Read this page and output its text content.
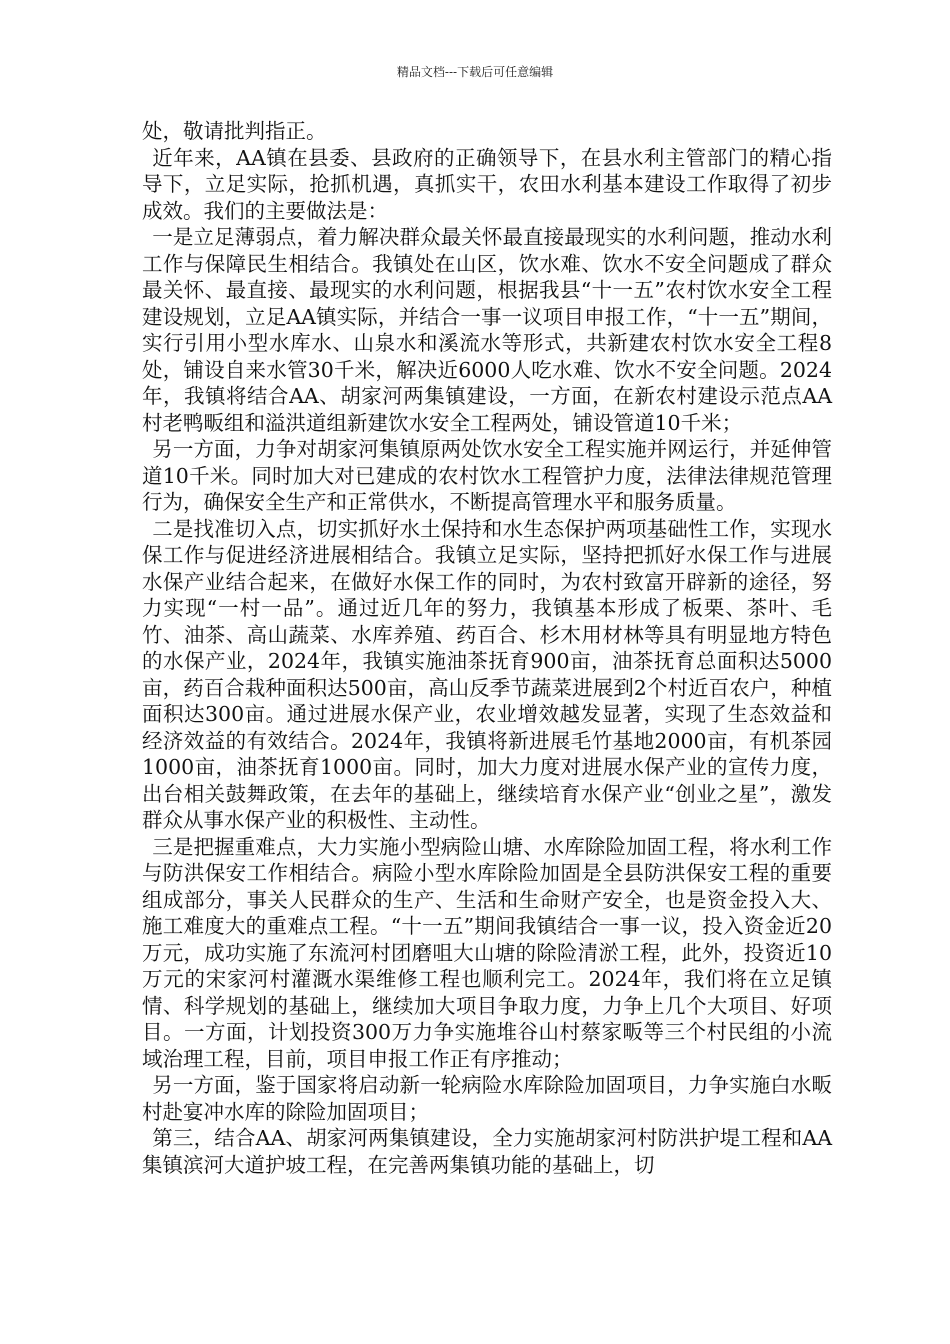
精品文档---下载后可任意编辑

处，敬请批判指正。

近年来，AA镇在县委、县政府的正确领导下，在县水利主管部门的精心指导下，立足实际，抢抓机遇，真抓实干，农田水利基本建设工作取得了初步成效。我们的主要做法是：

一是立足薄弱点，着力解决群众最关怀最直接最现实的水利问题，推动水利工作与保障民生相结合。我镇处在山区，饮水难、饮水不安全问题成了群众最关怀、最直接、最现实的水利问题，根据我县“十一五”农村饮水安全工程建设规划，立足AA镇实际，并结合一事一议项目申报工作，“十一五”期间，实行引用小型水库水、山泉水和溪流水等形式，共新建农村饮水安全工程8处，铺设自来水管30千米，解决近6000人吃水难、饮水不安全问题。2024年，我镇将结合AA、胡家河两集镇建设，一方面，在新农村建设示范点AA村老鸭畈组和溢洪道组新建饮水安全工程两处，铺设管道10千米；

另一方面，力争对胡家河集镇原两处饮水安全工程实施并网运行，并延伸管道10千米。同时加大对已建成的农村饮水工程管护力度，法律法律规范管理行为，确保安全生产和正常供水，不断提高管理水平和服务质量。

二是找准切入点，切实抓好水土保持和水生态保护两项基础性工作，实现水保工作与促进经济进展相结合。我镇立足实际，坚持把抓好水保工作与进展水保产业结合起来，在做好水保工作的同时，为农村致富开辟新的途径，努力实现“一村一品”。通过近几年的努力，我镇基本形成了板栗、茶叶、毛竹、油茶、高山蔬菜、水库养殖、药百合、杉木用材林等具有明显地方特色的水保产业，2024年，我镇实施油茶抚育900亩，油茶抚育总面积达5000亩，药百合栽种面积达500亩，高山反季节蔬菜进展到2个村近百农户，种植面积达300亩。通过进展水保产业，农业增效越发显著，实现了生态效益和经济效益的有效结合。2024年，我镇将新进展毛竹基地2000亩，有机茶园1000亩，油茶抚育1000亩。同时，加大力度对进展水保产业的宣传力度，出台相关鼓舞政策，在去年的基础上，继续培育水保产业“创业之星”，激发群众从事水保产业的积极性、主动性。

三是把握重难点，大力实施小型病险山塘、水库除险加固工程，将水利工作与防洪保安工作相结合。病险小型水库除险加固是全县防洪保安工程的重要组成部分，事关人民群众的生产、生活和生命财产安全，也是资金投入大、施工难度大的重难点工程。“十一五”期间我镇结合一事一议，投入资金近20万元，成功实施了东流河村团磨咀大山塘的除险清淤工程，此外，投资近10万元的宋家河村灌溉水渠维修工程也顺利完工。2024年，我们将在立足镇情、科学规划的基础上，继续加大项目争取力度，力争上几个大项目、好项目。一方面，计划投资300万力争实施堆谷山村蔡家畈等三个村民组的小流域治理工程，目前，项目申报工作正有序推动；

另一方面，鉴于国家将启动新一轮病险水库除险加固项目，力争实施白水畈村赴宴冲水库的除险加固项目；

第三，结合AA、胡家河两集镇建设，全力实施胡家河村防洪护堤工程和AA集镇滨河大道护坡工程，在完善两集镇功能的基础上，切
